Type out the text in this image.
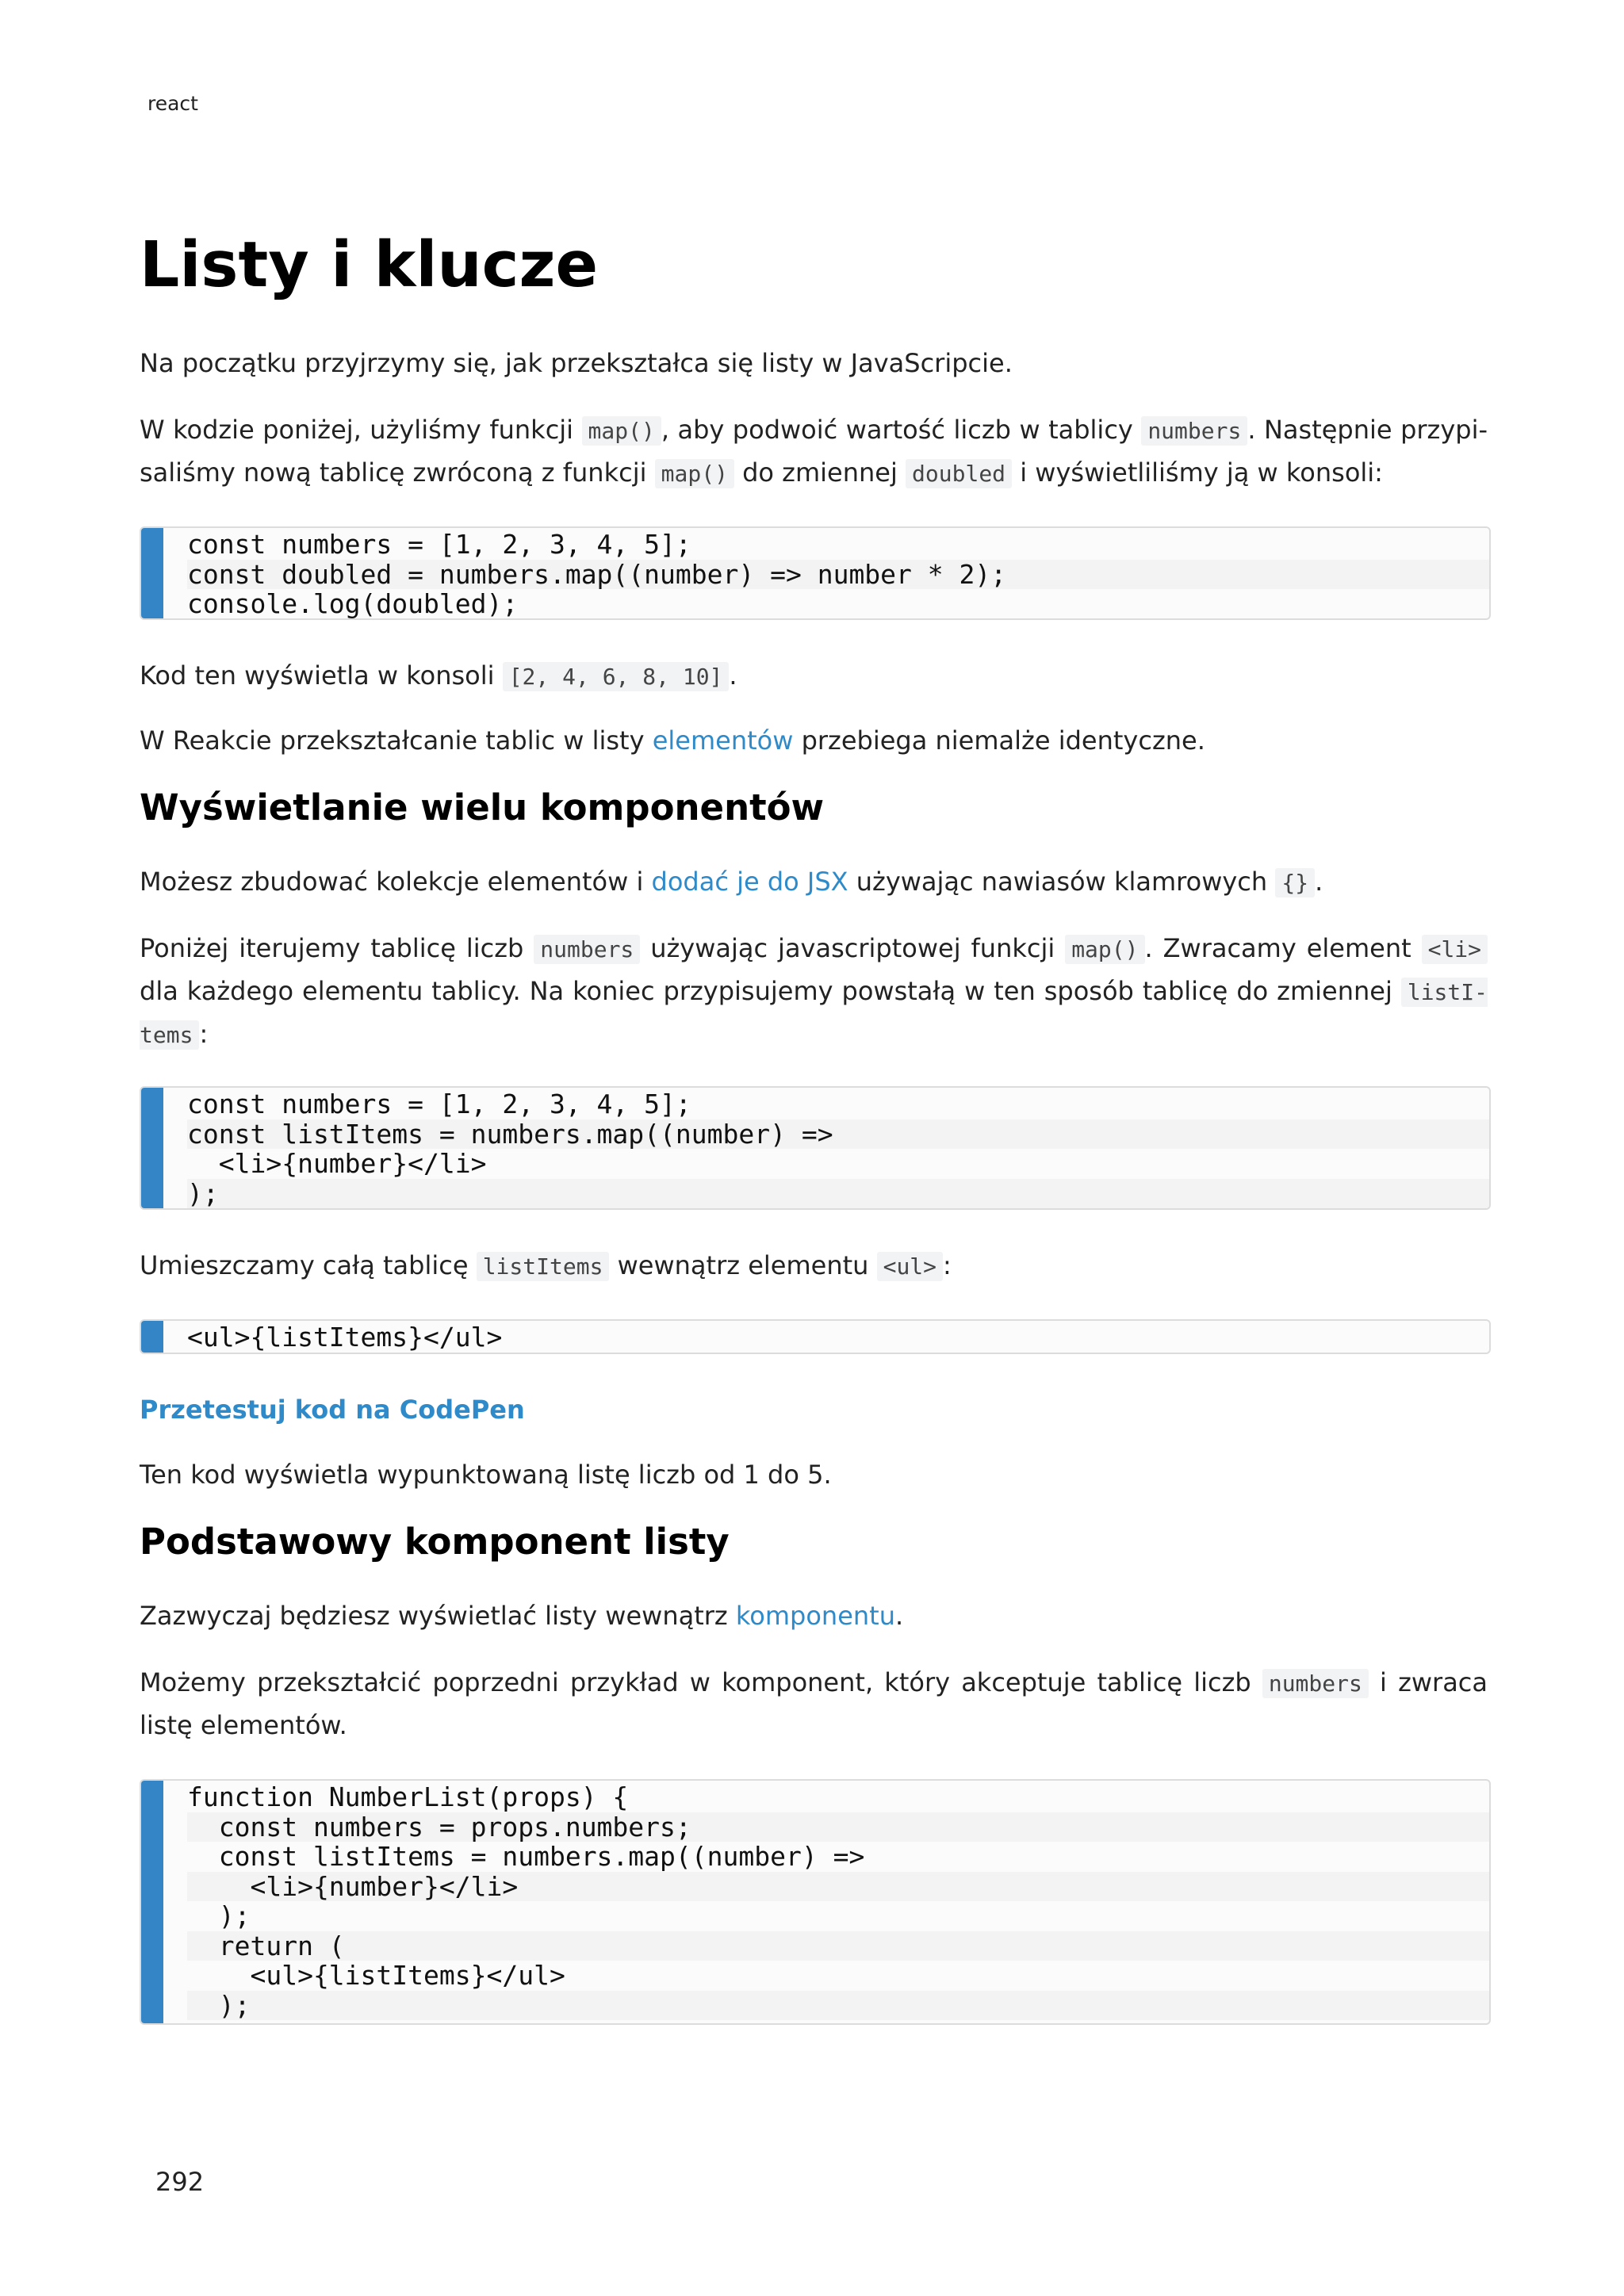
react
Listy i klucze

Na początku przyjrzymy się, jak przekształca się listy w JavaScripcie.

W kodzie poniżej, użyliśmy funkcji map() , aby podwoić wartość liczb w tablicy numbers . Następnie przypi-saliśmy nową tablicę zwróconą z funkcji map() do zmiennej doubled i wyświetliliśmy ją w konsoli:

const numbers = [1, 2, 3, 4, 5];
const doubled = numbers.map((number) => number * 2);
console.log(doubled);

Kod ten wyświetla w konsoli [2, 4, 6, 8, 10] .

W Reakcie przekształcanie tablic w listy elementów przebiega niemalże identyczne.

Wyświetlanie wielu komponentów

Możesz zbudować kolekcje elementów i dodać je do JSX używając nawiasów klamrowych {} .

Poniżej iterujemy tablicę liczb numbers używając javascriptowej funkcji map() . Zwracamy element <li> dla każdego elementu tablicy. Na koniec przypisujemy powstałą w ten sposób tablicę do zmiennej listI-tems :

const numbers = [1, 2, 3, 4, 5];
const listItems = numbers.map((number) =>
<li>{number}</li>
);

Umieszczamy całą tablicę listItems wewnątrz elementu <ul> :

<ul>{listItems}</ul>

Przetestuj kod na CodePen

Ten kod wyświetla wypunktowaną listę liczb od 1 do 5.

Podstawowy komponent listy

Zazwyczaj będziesz wyświetlać listy wewnątrz komponentu.

Możemy przekształcić poprzedni przykład w komponent, który akceptuje tablicę liczb numbers i zwraca listę elementów.

function NumberList(props) {
const numbers = props.numbers;
const listItems = numbers.map((number) =>
<li>{number}</li>
);
return (
<ul>{listItems}</ul>
);
292
